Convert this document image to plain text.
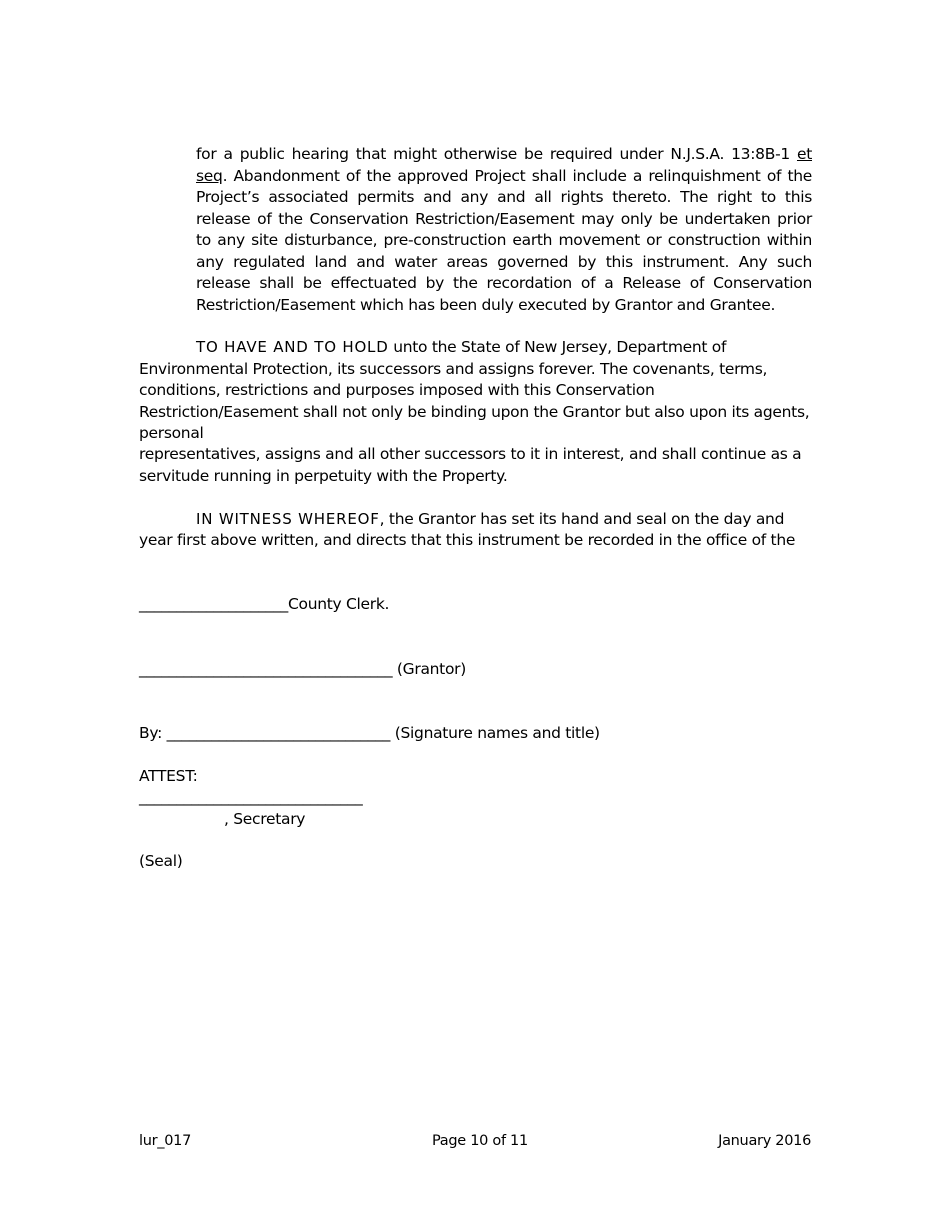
for a public hearing that might otherwise be required under N.J.S.A. 13:8B-1 et seq. Abandonment of the approved Project shall include a relinquishment of the Project’s associated permits and any and all rights thereto. The right to this release of the Conservation Restriction/Easement may only be undertaken prior to any site disturbance, pre-construction earth movement or construction within any regulated land and water areas governed by this instrument. Any such release shall be effectuated by the recordation of a Release of Conservation Restriction/Easement which has been duly executed by Grantor and Grantee.

TO HAVE AND TO HOLD unto the State of New Jersey, Department of

Environmental Protection, its successors and assigns forever. The covenants, terms,

conditions, restrictions and purposes imposed with this Conservation

Restriction/Easement shall not only be binding upon the Grantor but also upon its agents,

personal

representatives, assigns and all other successors to it in interest, and shall continue as a

servitude running in perpetuity with the Property.

IN WITNESS WHEREOF, the Grantor has set its hand and seal on the day and

year first above written, and directs that this instrument be recorded in the office of the

____________________County Clerk.

__________________________________ (Grantor)

By: ______________________________ (Signature names and title)

ATTEST:

______________________________

, Secretary

(Seal)

lur_017	Page 10 of 11	January 2016
